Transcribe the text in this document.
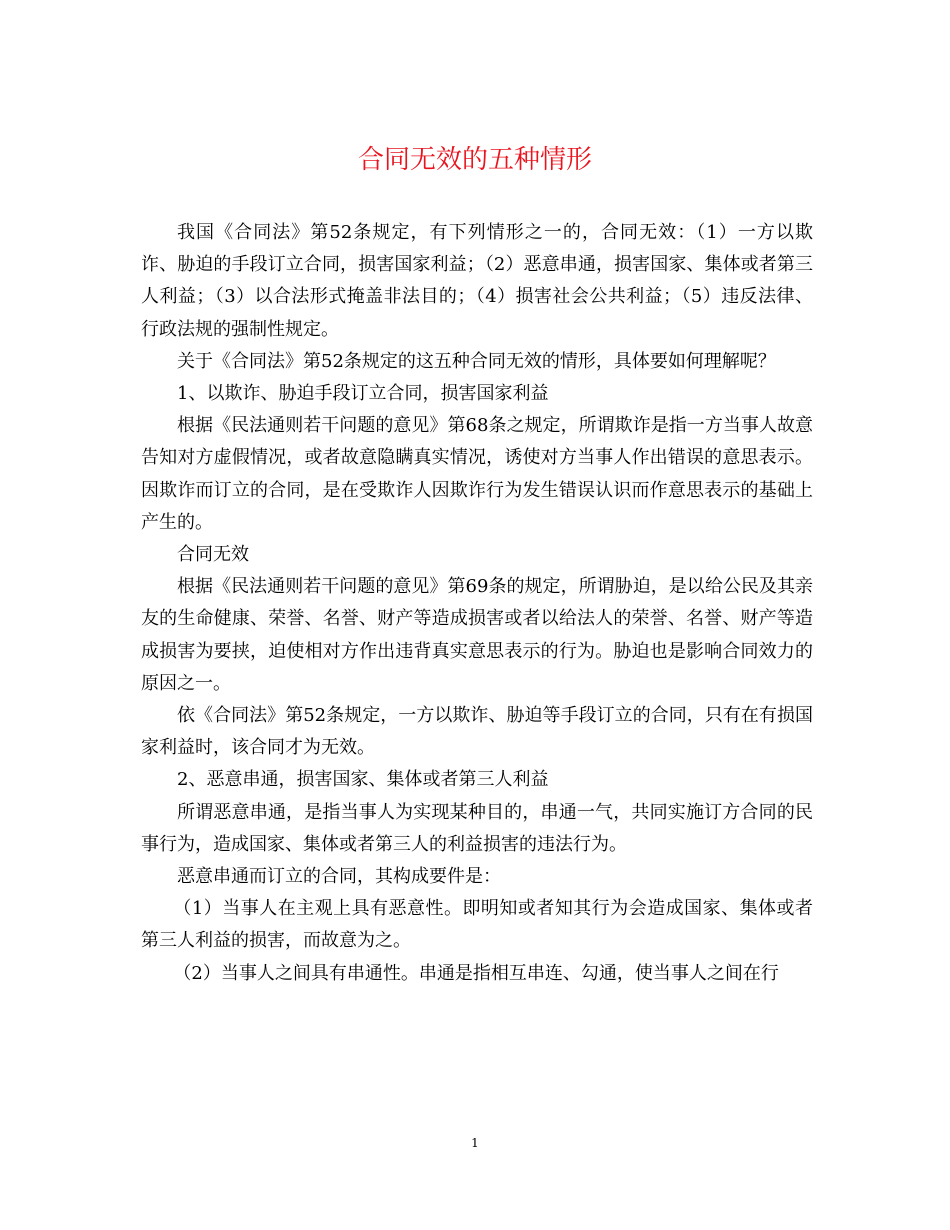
合同无效的五种情形

我国《合同法》第52条规定，有下列情形之一的，合同无效：（1）一方以欺诈、胁迫的手段订立合同，损害国家利益；（2）恶意串通，损害国家、集体或者第三人利益；（3）以合法形式掩盖非法目的；（4）损害社会公共利益；（5）违反法律、行政法规的强制性规定。

关于《合同法》第52条规定的这五种合同无效的情形，具体要如何理解呢？

1、以欺诈、胁迫手段订立合同，损害国家利益

根据《民法通则若干问题的意见》第68条之规定，所谓欺诈是指一方当事人故意告知对方虚假情况，或者故意隐瞒真实情况，诱使对方当事人作出错误的意思表示。因欺诈而订立的合同，是在受欺诈人因欺诈行为发生错误认识而作意思表示的基础上产生的。

合同无效

根据《民法通则若干问题的意见》第69条的规定，所谓胁迫，是以给公民及其亲友的生命健康、荣誉、名誉、财产等造成损害或者以给法人的荣誉、名誉、财产等造成损害为要挟，迫使相对方作出违背真实意思表示的行为。胁迫也是影响合同效力的原因之一。

依《合同法》第52条规定，一方以欺诈、胁迫等手段订立的合同，只有在有损国家利益时，该合同才为无效。

2、恶意串通，损害国家、集体或者第三人利益

所谓恶意串通，是指当事人为实现某种目的，串通一气，共同实施订方合同的民事行为，造成国家、集体或者第三人的利益损害的违法行为。

恶意串通而订立的合同，其构成要件是：

（1）当事人在主观上具有恶意性。即明知或者知其行为会造成国家、集体或者第三人利益的损害，而故意为之。

（2）当事人之间具有串通性。串通是指相互串连、勾通，使当事人之间在行

1
